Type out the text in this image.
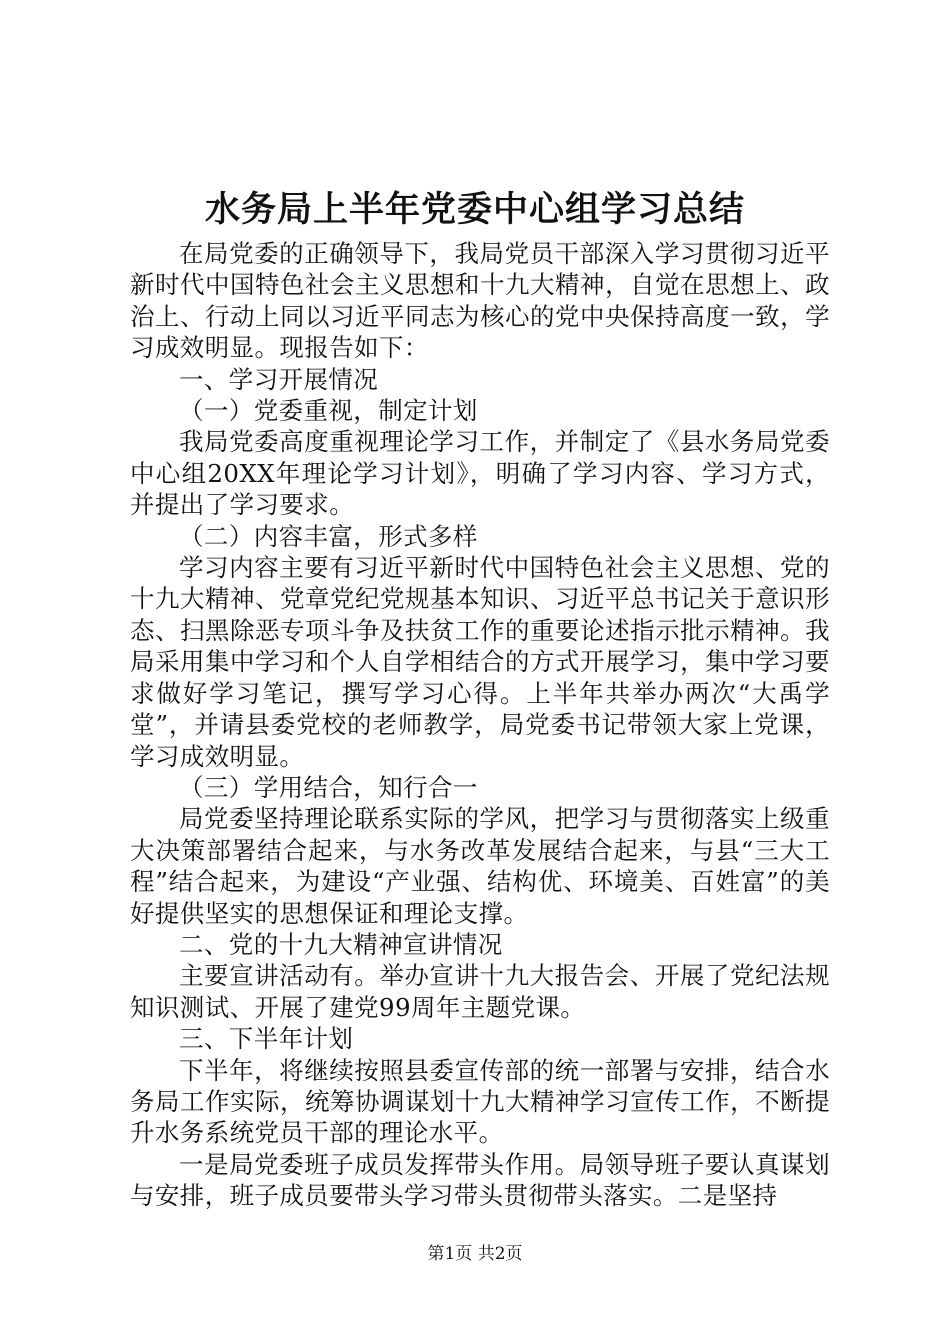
水务局上半年党委中心组学习总结

在局党委的正确领导下，我局党员干部深入学习贯彻习近平新时代中国特色社会主义思想和十九大精神，自觉在思想上、政治上、行动上同以习近平同志为核心的党中央保持高度一致，学习成效明显。现报告如下：

一、学习开展情况

（一）党委重视，制定计划

我局党委高度重视理论学习工作，并制定了《县水务局党委中心组20XX年理论学习计划》，明确了学习内容、学习方式，并提出了学习要求。

（二）内容丰富，形式多样

学习内容主要有习近平新时代中国特色社会主义思想、党的十九大精神、党章党纪党规基本知识、习近平总书记关于意识形态、扫黑除恶专项斗争及扶贫工作的重要论述指示批示精神。我局采用集中学习和个人自学相结合的方式开展学习，集中学习要求做好学习笔记，撰写学习心得。上半年共举办两次“大禹学堂”，并请县委党校的老师教学，局党委书记带领大家上党课，学习成效明显。

（三）学用结合，知行合一

局党委坚持理论联系实际的学风，把学习与贯彻落实上级重大决策部署结合起来，与水务改革发展结合起来，与县“三大工程”结合起来，为建设“产业强、结构优、环境美、百姓富”的美好提供坚实的思想保证和理论支撑。

二、党的十九大精神宣讲情况

主要宣讲活动有。举办宣讲十九大报告会、开展了党纪法规知识测试、开展了建党99周年主题党课。

三、下半年计划

下半年，将继续按照县委宣传部的统一部署与安排，结合水务局工作实际，统筹协调谋划十九大精神学习宣传工作，不断提升水务系统党员干部的理论水平。

一是局党委班子成员发挥带头作用。局领导班子要认真谋划与安排，班子成员要带头学习带头贯彻带头落实。二是坚持

第1页 共2页
